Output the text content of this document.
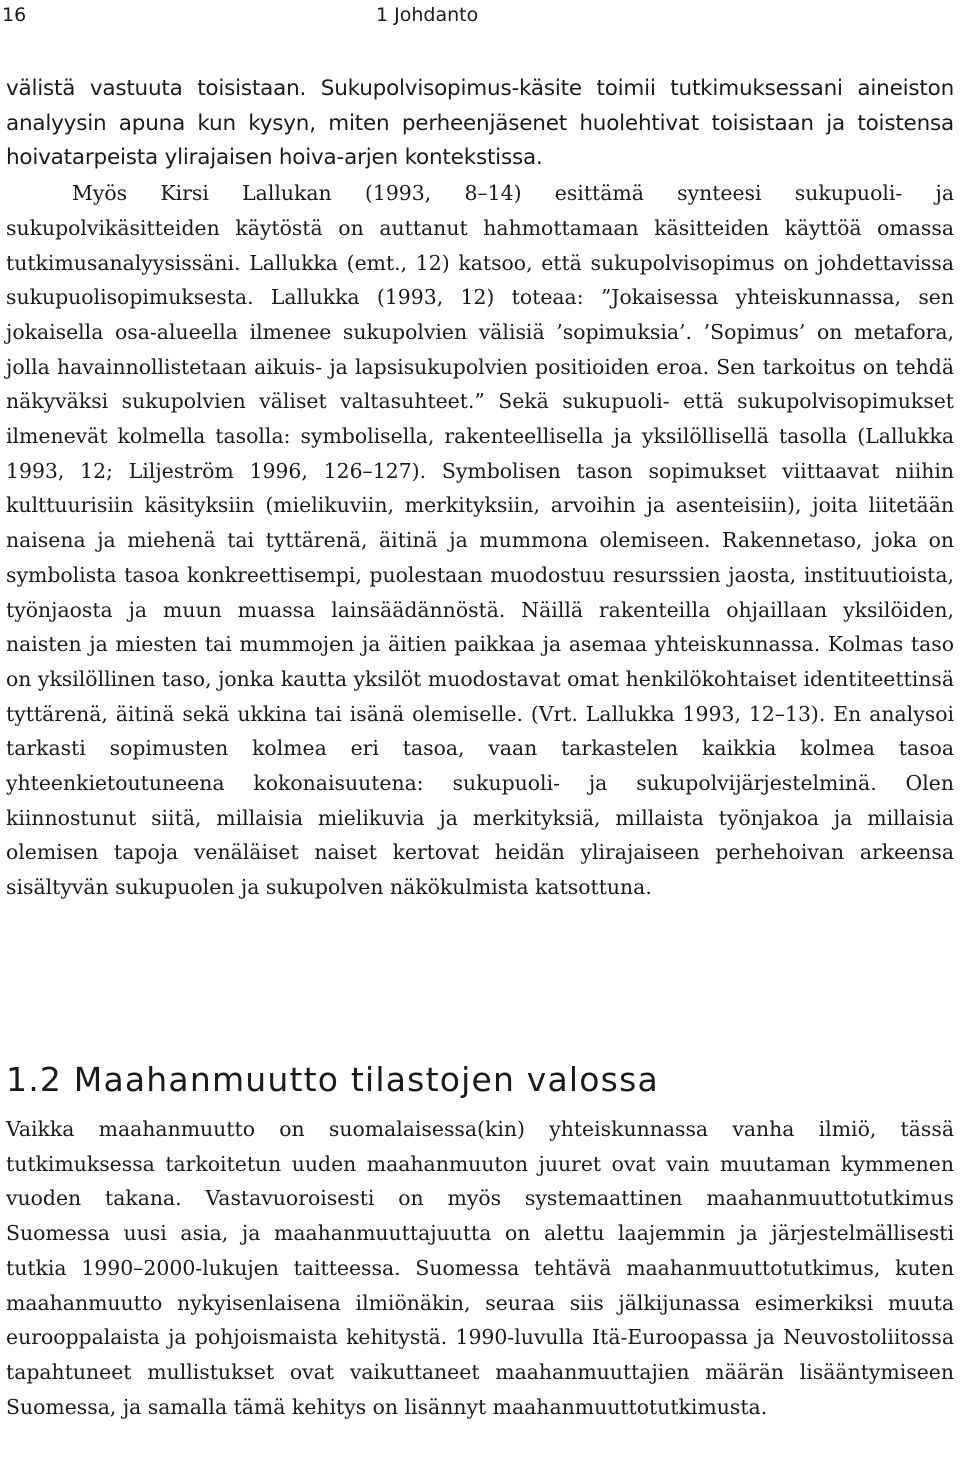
16	1 Johdanto
välistä vastuuta toisistaan. Sukupolvisopimus-käsite toimii tutkimuksessani aineiston analyysin apuna kun kysyn, miten perheenjäsenet huolehtivat toisistaan ja toistensa hoivatarpeista ylirajaisen hoiva-arjen kontekstissa.
Myös Kirsi Lallukan (1993, 8–14) esittämä synteesi sukupuoli- ja sukupolvikäsitteiden käytöstä on auttanut hahmottamaan käsitteiden käyttöä omassa tutkimusanalyysissäni. Lallukka (emt., 12) katsoo, että sukupolvisopimus on johdettavissa sukupuolisopimuksesta. Lallukka (1993, 12) toteaa: ”Jokaisessa yhteiskunnassa, sen jokaisella osa-alueella ilmenee sukupolvien välisiä ’sopimuksia’. ’Sopimus’ on metafora, jolla havainnollistetaan aikuis- ja lapsisukupolvien positioiden eroa. Sen tarkoitus on tehdä näkyväksi sukupolvien väliset valtasuhteet.” Sekä sukupuoli- että sukupolvisopimukset ilmenevät kolmella tasolla: symbolisella, rakenteellisella ja yksilöllisellä tasolla (Lallukka 1993, 12; Liljeström 1996, 126–127). Symbolisen tason sopimukset viittaavat niihin kulttuurisiin käsityksiin (mielikuviin, merkityksiin, arvoihin ja asenteisiin), joita liitetään naisena ja miehenä tai tyttärenä, äitinä ja mummona olemiseen. Rakennetaso, joka on symbolista tasoa konkreettisempi, puolestaan muodostuu resurssien jaosta, instituutioista, työnjaosta ja muun muassa lainsäädännöstä. Näillä rakenteilla ohjaillaan yksilöiden, naisten ja miesten tai mummojen ja äitien paikkaa ja asemaa yhteiskunnassa. Kolmas taso on yksilöllinen taso, jonka kautta yksilöt muodostavat omat henkilökohtaiset identiteettinsä tyttärenä, äitinä sekä ukkina tai isänä olemiselle. (Vrt. Lallukka 1993, 12–13). En analysoi tarkasti sopimusten kolmea eri tasoa, vaan tarkastelen kaikkia kolmea tasoa yhteenkietoutuneena kokonaisuutena: sukupuoli- ja sukupolvijärjestelminä. Olen kiinnostunut siitä, millaisia mielikuvia ja merkityksiä, millaista työnjakoa ja millaisia olemisen tapoja venäläiset naiset kertovat heidän ylirajaiseen perhehoivan arkeensa sisältyvän sukupuolen ja sukupolven näkökulmista katsottuna.
1.2 Maahanmuutto tilastojen valossa

Vaikka maahanmuutto on suomalaisessa(kin) yhteiskunnassa vanha ilmiö, tässä tutkimuksessa tarkoitetun uuden maahanmuuton juuret ovat vain muutaman kymmenen vuoden takana. Vastavuoroisesti on myös systemaattinen maahanmuuttotutkimus Suomessa uusi asia, ja maahanmuuttajuutta on alettu laajemmin ja järjestelmällisesti tutkia 1990–2000-lukujen taitteessa. Suomessa tehtävä maahanmuuttotutkimus, kuten maahanmuutto nykyisenlaisena ilmiönäkin, seuraa siis jälkijunassa esimerkiksi muuta eurooppalaista ja pohjoismaista kehitystä. 1990-luvulla Itä-Euroopassa ja Neuvostoliitossa tapahtuneet mullistukset ovat vaikuttaneet maahanmuuttajien määrän lisääntymiseen Suomessa, ja samalla tämä kehitys on lisännyt maahanmuuttotutkimusta.
